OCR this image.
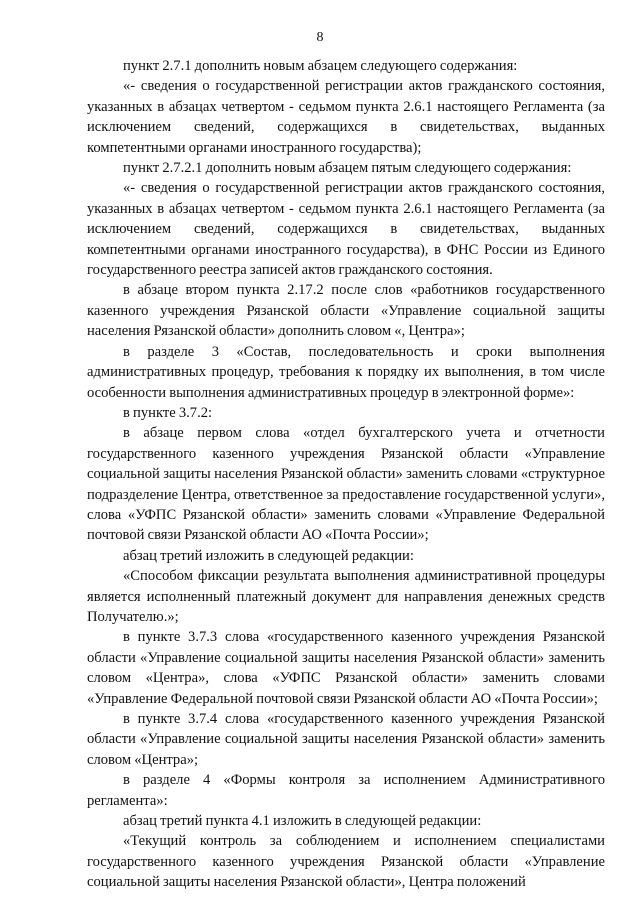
8

пункт 2.7.1 дополнить новым абзацем следующего содержания:

«- сведения о государственной регистрации актов гражданского состояния, указанных в абзацах четвертом - седьмом пункта 2.6.1 настоящего Регламента (за исключением сведений, содержащихся в свидетельствах, выданных компетентными органами иностранного государства);

пункт 2.7.2.1 дополнить новым абзацем пятым следующего содержания:

«- сведения о государственной регистрации актов гражданского состояния, указанных в абзацах четвертом - седьмом пункта 2.6.1 настоящего Регламента (за исключением сведений, содержащихся в свидетельствах, выданных компетентными органами иностранного государства), в ФНС России из Единого государственного реестра записей актов гражданского состояния.

в абзаце втором пункта 2.17.2 после слов «работников государственного казенного учреждения Рязанской области «Управление социальной защиты населения Рязанской области» дополнить словом «, Центра»;

в разделе 3 «Состав, последовательность и сроки выполнения административных процедур, требования к порядку их выполнения, в том числе особенности выполнения административных процедур в электронной форме»:

в пункте 3.7.2:

в абзаце первом слова «отдел бухгалтерского учета и отчетности государственного казенного учреждения Рязанской области «Управление социальной защиты населения Рязанской области» заменить словами «структурное подразделение Центра, ответственное за предоставление государственной услуги», слова «УФПС Рязанской области» заменить словами «Управление Федеральной почтовой связи Рязанской области АО «Почта России»;

абзац третий изложить в следующей редакции:

«Способом фиксации результата выполнения административной процедуры является исполненный платежный документ для направления денежных средств Получателю.»;

в пункте 3.7.3 слова «государственного казенного учреждения Рязанской области «Управление социальной защиты населения Рязанской области» заменить словом «Центра», слова «УФПС Рязанской области» заменить словами «Управление Федеральной почтовой связи Рязанской области АО «Почта России»;

в пункте 3.7.4 слова «государственного казенного учреждения Рязанской области «Управление социальной защиты населения Рязанской области» заменить словом «Центра»;

в разделе 4 «Формы контроля за исполнением Административного регламента»:

абзац третий пункта 4.1 изложить в следующей редакции:

«Текущий контроль за соблюдением и исполнением специалистами государственного казенного учреждения Рязанской области «Управление социальной защиты населения Рязанской области», Центра положений
